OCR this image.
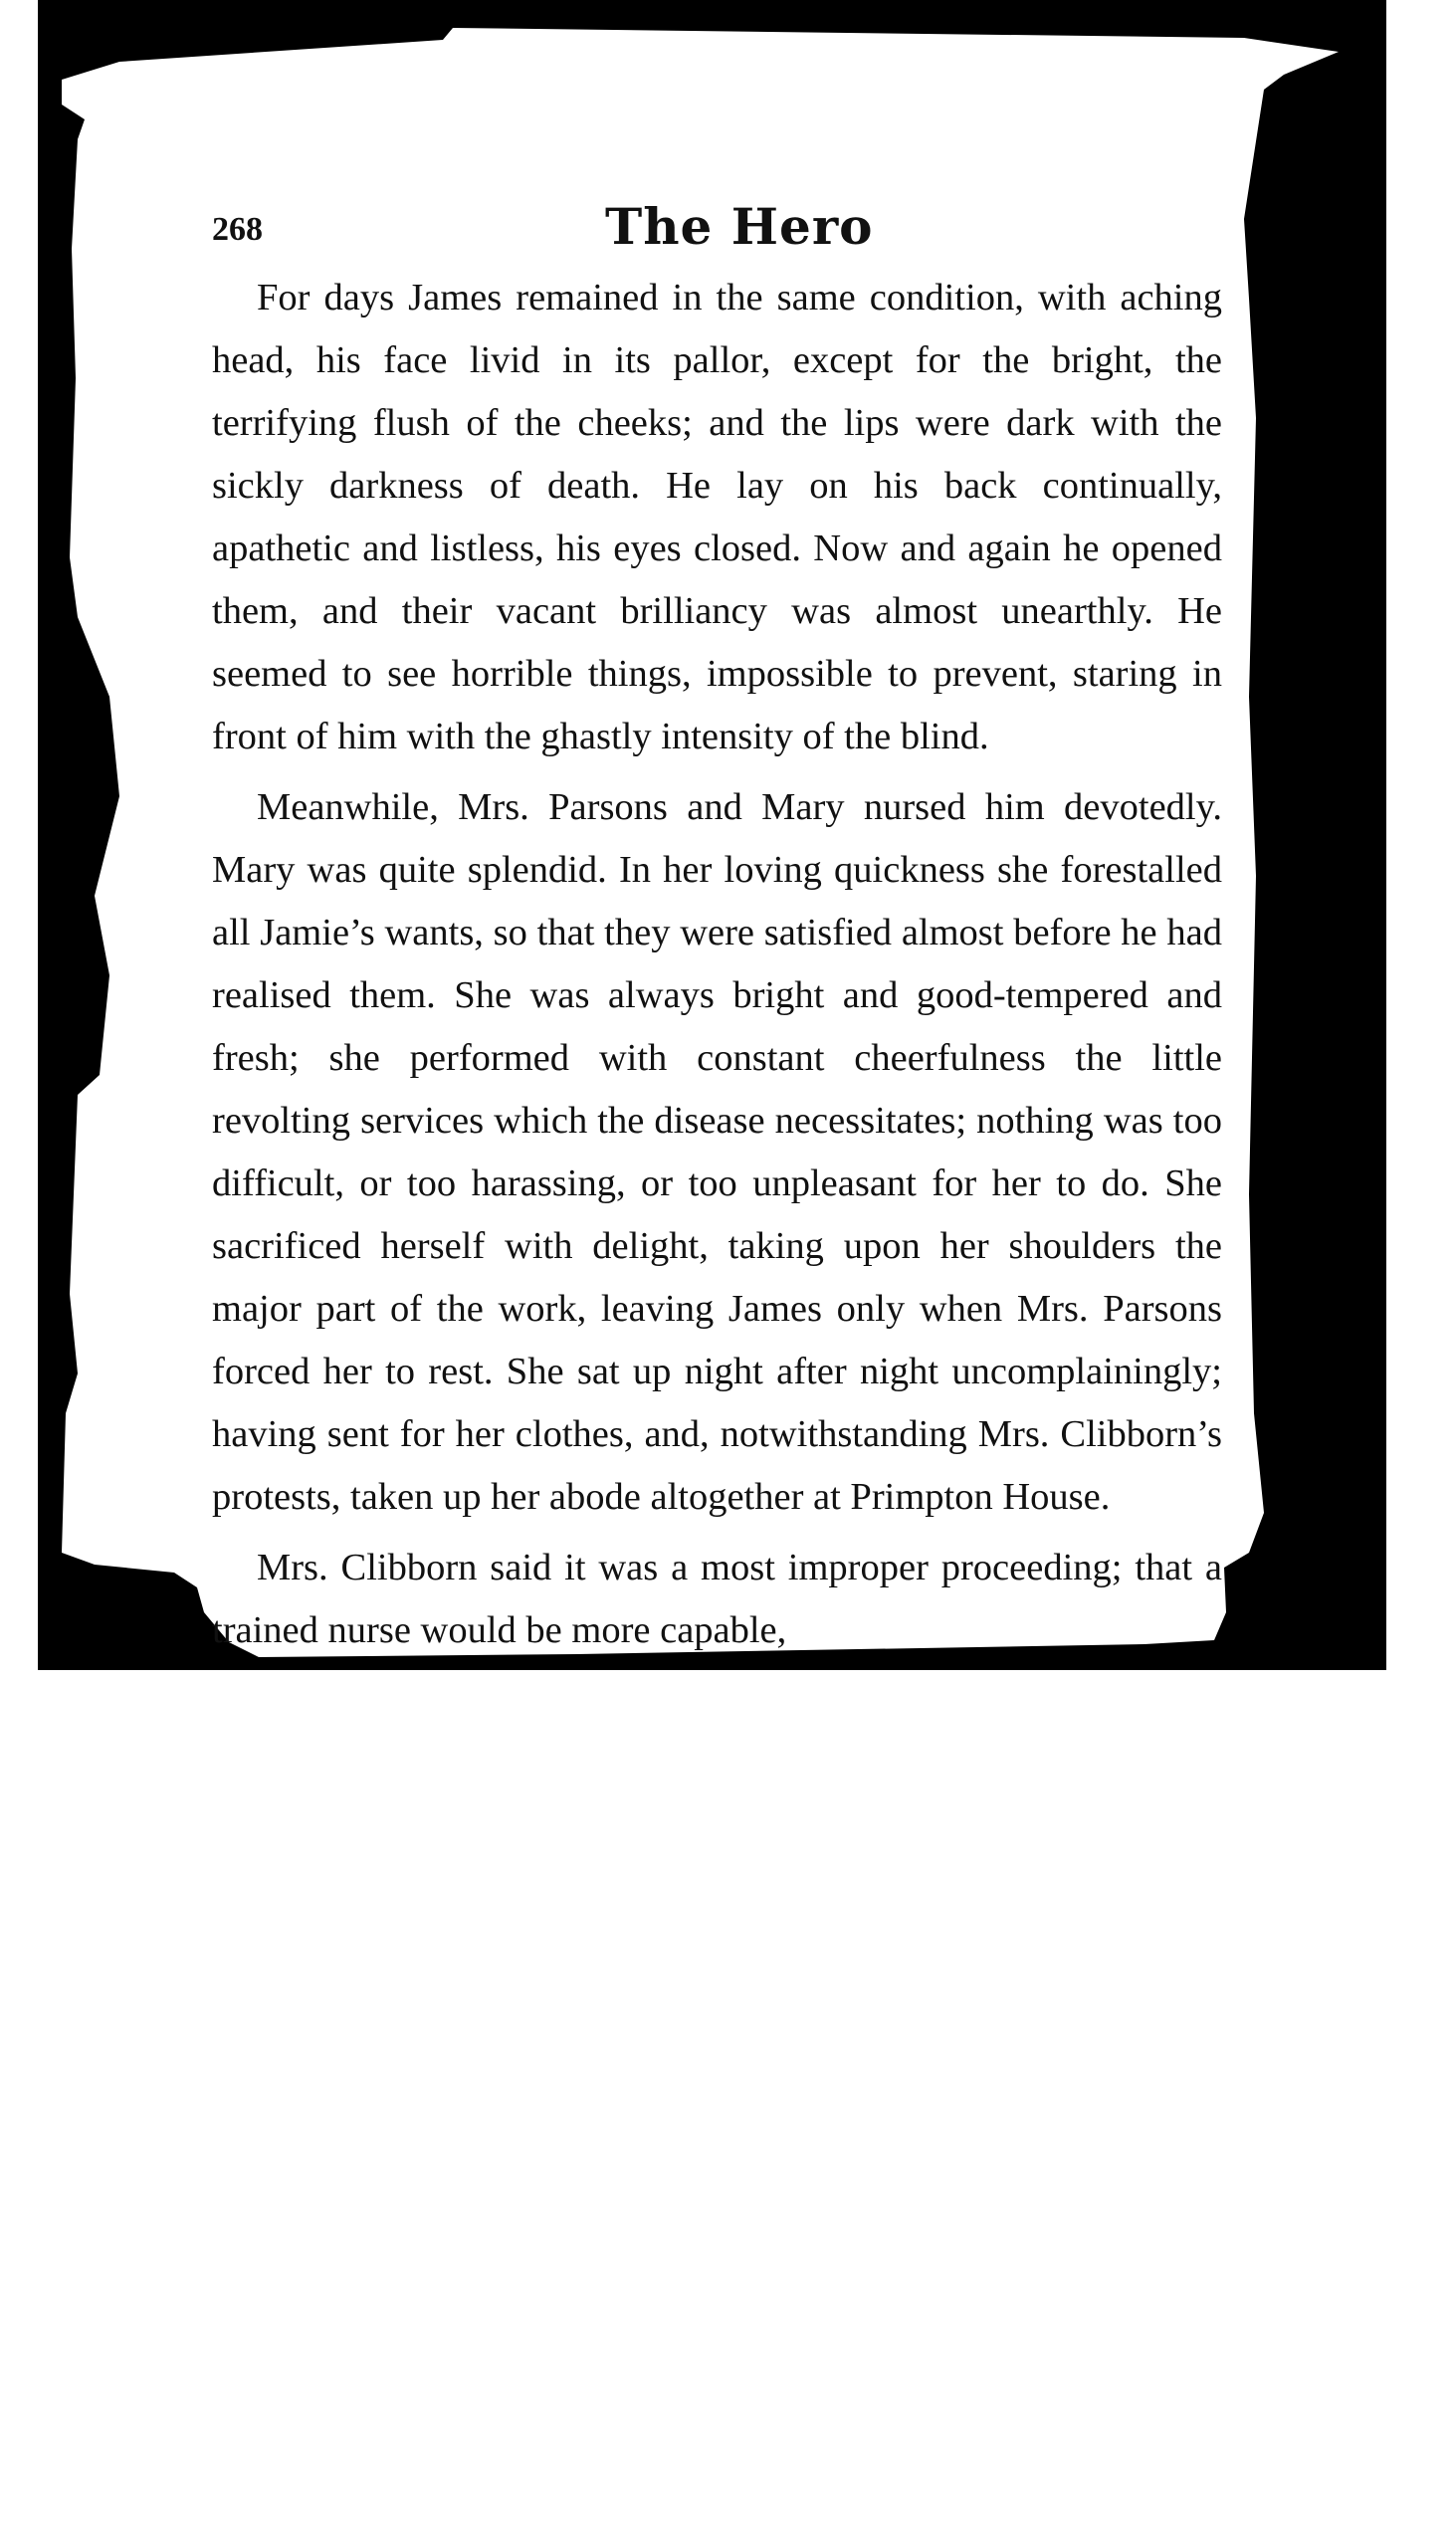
268	The Hero

For days James remained in the same condition, with aching head, his face livid in its pallor, except for the bright, the terrifying flush of the cheeks; and the lips were dark with the sickly darkness of death. He lay on his back continually, apathetic and listless, his eyes closed. Now and again he opened them, and their vacant brilliancy was almost unearthly. He seemed to see horrible things, impossible to prevent, staring in front of him with the ghastly intensity of the blind.

Meanwhile, Mrs. Parsons and Mary nursed him devotedly. Mary was quite splendid. In her loving quickness she forestalled all Jamie’s wants, so that they were satisfied almost before he had realised them. She was always bright and good-tempered and fresh; she performed with constant cheerfulness the little revolting services which the disease necessitates; nothing was too difficult, or too harassing, or too unpleasant for her to do. She sacrificed herself with delight, taking upon her shoulders the major part of the work, leaving James only when Mrs. Parsons forced her to rest. She sat up night after night uncomplainingly; having sent for her clothes, and, notwithstanding Mrs. Clibborn’s protests, taken up her abode altogether at Primpton House.

Mrs. Clibborn said it was a most improper proceeding; that a trained nurse would be more capable,
